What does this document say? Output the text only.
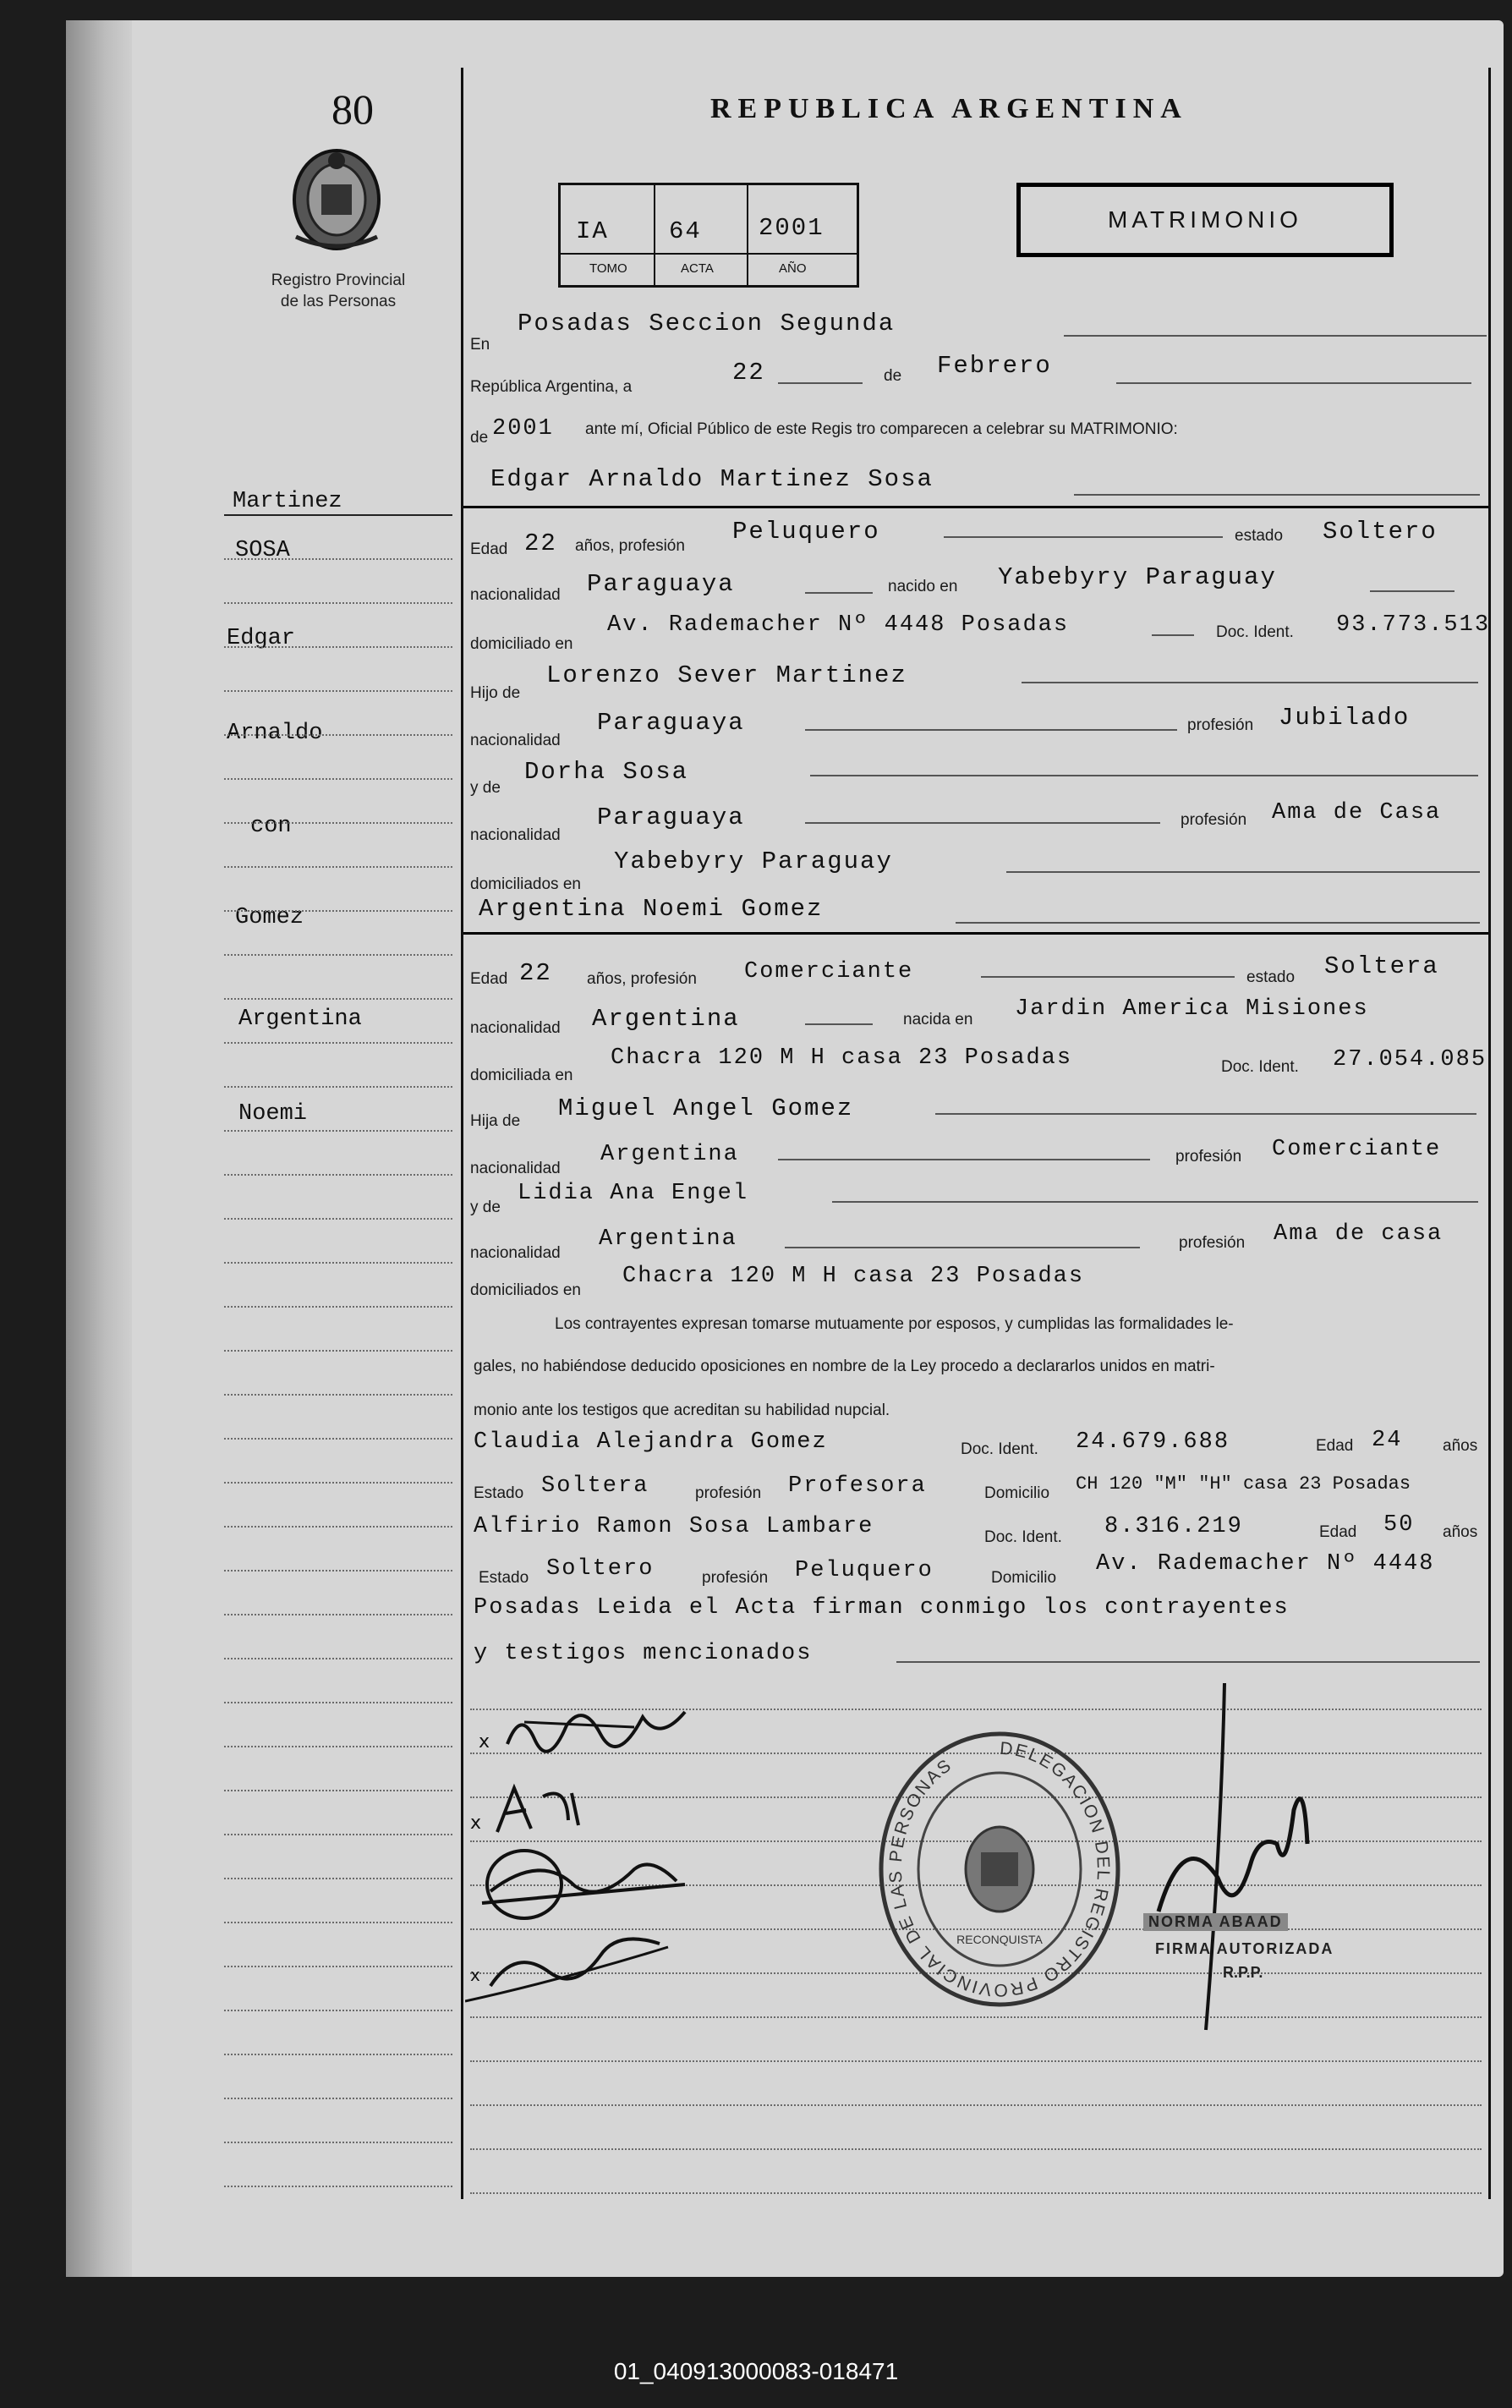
80
Registro Provincial
de las Personas
REPUBLICA ARGENTINA
MATRIMONIO
IA 64 2001
TOMO	ACTA	AÑO
Martinez
SOSA
Edgar
Arnaldo
con
Gomez
Argentina
Noemi
En
Posadas Seccion Segunda
República Argentina, a
22	de Febrero
de 2001 ante mí, Oficial Público de este Regis tro comparecen a celebrar su MATRIMONIO:
Edgar Arnaldo Martinez Sosa
Edad 22 años, profesión
Peluquero	estado Soltero
nacionalidad Paraguaya	nacido en Yabebyry Paraguay
domiciliado en
Av. Rademacher Nº 4448 Posadas	Doc. Ident. 93.773.513
Hijo de
Lorenzo Sever Martinez
nacionalidad
Paraguaya	profesión Jubilado
y de
Dorha Sosa
nacionalidad
Paraguaya	profesión Ama de Casa
domiciliados en
Yabebyry Paraguay
Argentina Noemi Gomez
Edad 22 años, profesión Comerciante	estado Soltera
nacionalidad Argentina	nacida en Jardin America Misiones
domiciliada en
Chacra 120 M H casa 23 Posadas	Doc. Ident. 27.054.085
Hija de Miguel Angel Gomez
nacionalidad
Argentina	profesión Comerciante
y de
Lidia Ana Engel
nacionalidad
Argentina	profesión Ama de casa
domiciliados en
Chacra 120 M H casa 23 Posadas
Los contrayentes expresan tomarse mutuamente por esposos, y cumplidas las formalidades le-
gales, no habiéndose deducido oposiciones en nombre de la Ley procedo a declararlos unidos en matri-
monio ante los testigos que acreditan su habilidad nupcial.
Claudia Alejandra Gomez	Doc. Ident. 24.679.688	Edad 24	años
Estado Soltera	profesión Profesora	Domicilio CH 120 "M" "H" casa 23 Posadas
Alfirio Ramon Sosa Lambare	Doc. Ident. 8.316.219	Edad 50 años
Estado Soltero	profesión Peluquero	Domicilio
Av. Rademacher Nº 4448
Posadas Leida el Acta firman conmigo los contrayentes
y testigos mencionados
x
x
x
DELEGACION DEL REGISTRO PROVINCIAL DE LAS PERSONAS
RECONQUISTA
NORMA ABAAD
FIRMA AUTORIZADA
R.P.P.
01_040913000083-018471
